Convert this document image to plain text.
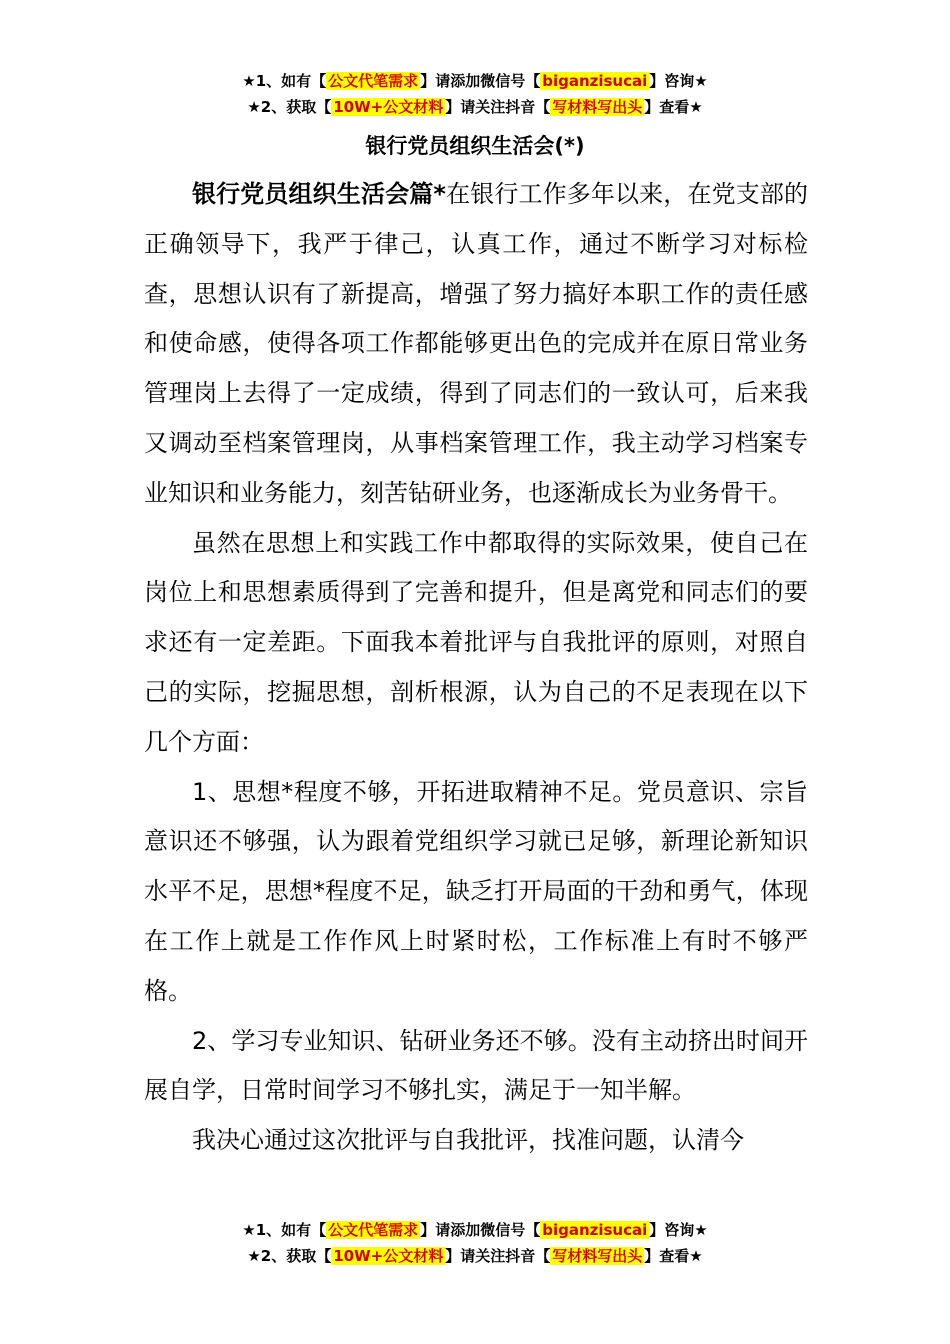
★1、如有【 公文代笔需求 】请添加微信号【 biganzisucai 】咨询★
★2、获取【 10W+公文材料 】请关注抖音【 写材料写出头 】查看★
银行党员组织生活会(*)

银行党员组织生活会篇*在银行工作多年以来，在党支部的正确领导下，我严于律己，认真工作，通过不断学习对标检查，思想认识有了新提高，增强了努力搞好本职工作的责任感和使命感，使得各项工作都能够更出色的完成并在原日常业务管理岗上去得了一定成绩，得到了同志们的一致认可，后来我又调动至档案管理岗，从事档案管理工作，我主动学习档案专业知识和业务能力，刻苦钻研业务，也逐渐成长为业务骨干。

虽然在思想上和实践工作中都取得的实际效果，使自己在岗位上和思想素质得到了完善和提升，但是离党和同志们的要求还有一定差距。下面我本着批评与自我批评的原则，对照自己的实际，挖掘思想，剖析根源，认为自己的不足表现在以下几个方面：

1、思想*程度不够，开拓进取精神不足。党员意识、宗旨意识还不够强，认为跟着党组织学习就已足够，新理论新知识水平不足，思想*程度不足，缺乏打开局面的干劲和勇气，体现在工作上就是工作作风上时紧时松，工作标准上有时不够严格。

2、学习专业知识、钻研业务还不够。没有主动挤出时间开展自学，日常时间学习不够扎实，满足于一知半解。

我决心通过这次批评与自我批评，找准问题，认清今

★1、如有【 公文代笔需求 】请添加微信号【 biganzisucai 】咨询★
★2、获取【 10W+公文材料 】请关注抖音【 写材料写出头 】查看★
